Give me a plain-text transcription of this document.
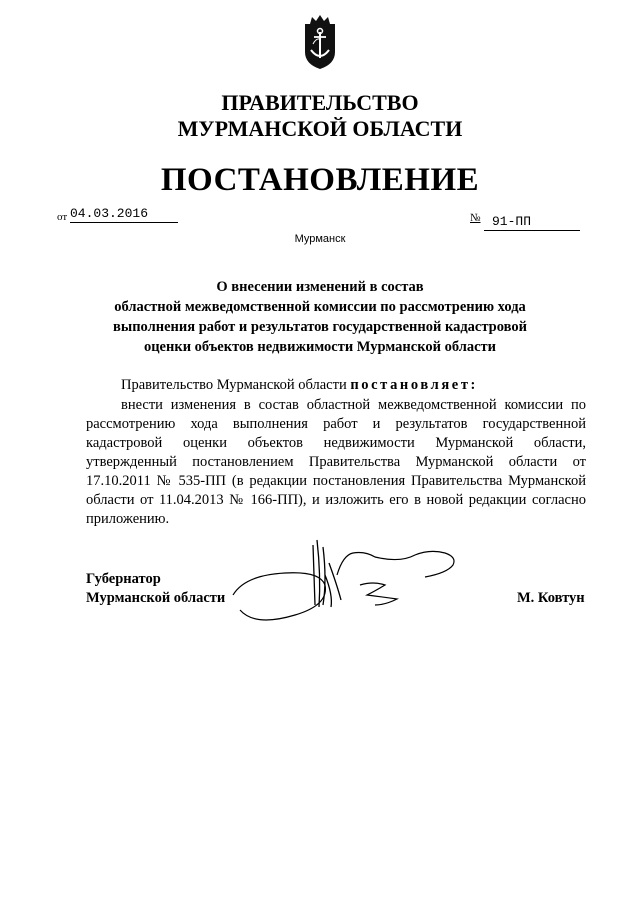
ПРАВИТЕЛЬСТВО
МУРМАНСКОЙ ОБЛАСТИ
ПОСТАНОВЛЕНИЕ
от 04.03.2016	№ 91-ПП
Мурманск
О внесении изменений в состав
областной межведомственной комиссии по рассмотрению хода
выполнения работ и результатов государственной кадастровой
оценки объектов недвижимости Мурманской области
Правительство Мурманской области постановляет:
внести изменения в состав областной межведомственной комиссии по рассмотрению хода выполнения работ и результатов государственной кадастровой оценки объектов недвижимости Мурманской области, утвержденный постановлением Правительства Мурманской области от 17.10.2011 № 535-ПП (в редакции постановления Правительства Мурманской области от 11.04.2013 № 166-ПП), и изложить его в новой редакции согласно приложению.
Губернатор
Мурманской области	М. Ковтун
